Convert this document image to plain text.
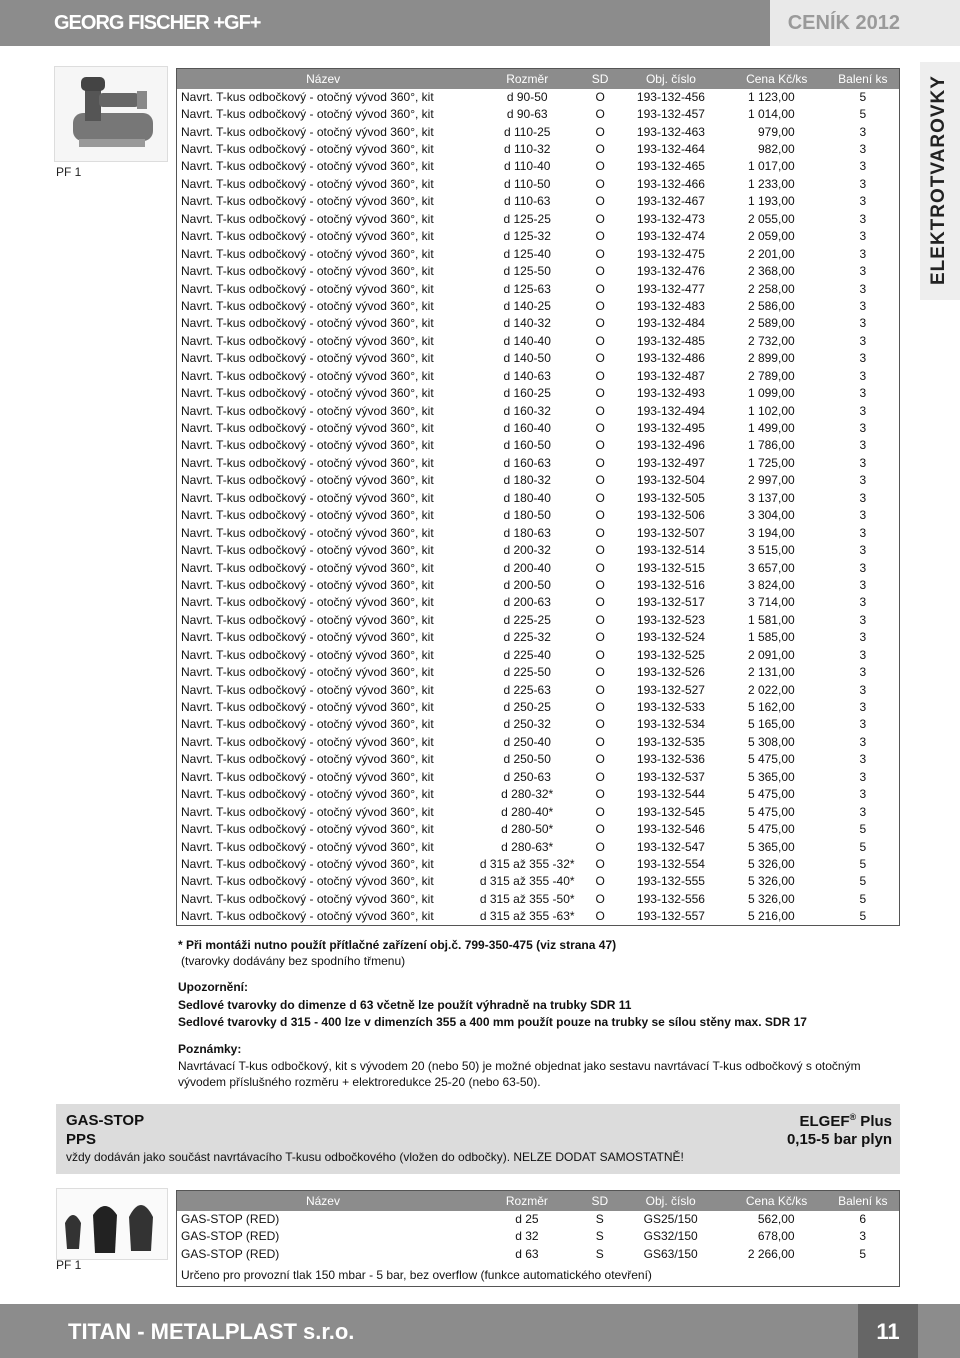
GEORG FISCHER +GF+	CENÍK 2012
ELEKTROTVAROVKY
PF 1
Název	Rozměr	SD	Obj. číslo	Cena Kč/ks	Balení ks
Navrt. T-kus odbočkový - otočný vývod 360°, kit	d 90-50	O	193-132-456	1 123,00	5
Navrt. T-kus odbočkový - otočný vývod 360°, kit	d 90-63	O	193-132-457	1 014,00	5
Navrt. T-kus odbočkový - otočný vývod 360°, kit	d 110-25	O	193-132-463	979,00	3
Navrt. T-kus odbočkový - otočný vývod 360°, kit	d 110-32	O	193-132-464	982,00	3
Navrt. T-kus odbočkový - otočný vývod 360°, kit	d 110-40	O	193-132-465	1 017,00	3
Navrt. T-kus odbočkový - otočný vývod 360°, kit	d 110-50	O	193-132-466	1 233,00	3
Navrt. T-kus odbočkový - otočný vývod 360°, kit	d 110-63	O	193-132-467	1 193,00	3
Navrt. T-kus odbočkový - otočný vývod 360°, kit	d 125-25	O	193-132-473	2 055,00	3
Navrt. T-kus odbočkový - otočný vývod 360°, kit	d 125-32	O	193-132-474	2 059,00	3
Navrt. T-kus odbočkový - otočný vývod 360°, kit	d 125-40	O	193-132-475	2 201,00	3
Navrt. T-kus odbočkový - otočný vývod 360°, kit	d 125-50	O	193-132-476	2 368,00	3
Navrt. T-kus odbočkový - otočný vývod 360°, kit	d 125-63	O	193-132-477	2 258,00	3
Navrt. T-kus odbočkový - otočný vývod 360°, kit	d 140-25	O	193-132-483	2 586,00	3
Navrt. T-kus odbočkový - otočný vývod 360°, kit	d 140-32	O	193-132-484	2 589,00	3
Navrt. T-kus odbočkový - otočný vývod 360°, kit	d 140-40	O	193-132-485	2 732,00	3
Navrt. T-kus odbočkový - otočný vývod 360°, kit	d 140-50	O	193-132-486	2 899,00	3
Navrt. T-kus odbočkový - otočný vývod 360°, kit	d 140-63	O	193-132-487	2 789,00	3
Navrt. T-kus odbočkový - otočný vývod 360°, kit	d 160-25	O	193-132-493	1 099,00	3
Navrt. T-kus odbočkový - otočný vývod 360°, kit	d 160-32	O	193-132-494	1 102,00	3
Navrt. T-kus odbočkový - otočný vývod 360°, kit	d 160-40	O	193-132-495	1 499,00	3
Navrt. T-kus odbočkový - otočný vývod 360°, kit	d 160-50	O	193-132-496	1 786,00	3
Navrt. T-kus odbočkový - otočný vývod 360°, kit	d 160-63	O	193-132-497	1 725,00	3
Navrt. T-kus odbočkový - otočný vývod 360°, kit	d 180-32	O	193-132-504	2 997,00	3
Navrt. T-kus odbočkový - otočný vývod 360°, kit	d 180-40	O	193-132-505	3 137,00	3
Navrt. T-kus odbočkový - otočný vývod 360°, kit	d 180-50	O	193-132-506	3 304,00	3
Navrt. T-kus odbočkový - otočný vývod 360°, kit	d 180-63	O	193-132-507	3 194,00	3
Navrt. T-kus odbočkový - otočný vývod 360°, kit	d 200-32	O	193-132-514	3 515,00	3
Navrt. T-kus odbočkový - otočný vývod 360°, kit	d 200-40	O	193-132-515	3 657,00	3
Navrt. T-kus odbočkový - otočný vývod 360°, kit	d 200-50	O	193-132-516	3 824,00	3
Navrt. T-kus odbočkový - otočný vývod 360°, kit	d 200-63	O	193-132-517	3 714,00	3
Navrt. T-kus odbočkový - otočný vývod 360°, kit	d 225-25	O	193-132-523	1 581,00	3
Navrt. T-kus odbočkový - otočný vývod 360°, kit	d 225-32	O	193-132-524	1 585,00	3
Navrt. T-kus odbočkový - otočný vývod 360°, kit	d 225-40	O	193-132-525	2 091,00	3
Navrt. T-kus odbočkový - otočný vývod 360°, kit	d 225-50	O	193-132-526	2 131,00	3
Navrt. T-kus odbočkový - otočný vývod 360°, kit	d 225-63	O	193-132-527	2 022,00	3
Navrt. T-kus odbočkový - otočný vývod 360°, kit	d 250-25	O	193-132-533	5 162,00	3
Navrt. T-kus odbočkový - otočný vývod 360°, kit	d 250-32	O	193-132-534	5 165,00	3
Navrt. T-kus odbočkový - otočný vývod 360°, kit	d 250-40	O	193-132-535	5 308,00	3
Navrt. T-kus odbočkový - otočný vývod 360°, kit	d 250-50	O	193-132-536	5 475,00	3
Navrt. T-kus odbočkový - otočný vývod 360°, kit	d 250-63	O	193-132-537	5 365,00	3
Navrt. T-kus odbočkový - otočný vývod 360°, kit	d 280-32*	O	193-132-544	5 475,00	3
Navrt. T-kus odbočkový - otočný vývod 360°, kit	d 280-40*	O	193-132-545	5 475,00	3
Navrt. T-kus odbočkový - otočný vývod 360°, kit	d 280-50*	O	193-132-546	5 475,00	5
Navrt. T-kus odbočkový - otočný vývod 360°, kit	d 280-63*	O	193-132-547	5 365,00	5
Navrt. T-kus odbočkový - otočný vývod 360°, kit	d 315 až 355 -32*	O	193-132-554	5 326,00	5
Navrt. T-kus odbočkový - otočný vývod 360°, kit	d 315 až 355 -40*	O	193-132-555	5 326,00	5
Navrt. T-kus odbočkový - otočný vývod 360°, kit	d 315 až 355 -50*	O	193-132-556	5 326,00	5
Navrt. T-kus odbočkový - otočný vývod 360°, kit	d 315 až 355 -63*	O	193-132-557	5 216,00	5
* Při montáži nutno použít přítlačné zařízení obj.č. 799-350-475 (viz strana 47)
(tvarovky dodávány bez spodního třmenu)
Upozornění:
Sedlové tvarovky do dimenze d 63 včetně lze použít výhradně na trubky SDR 11
Sedlové tvarovky d 315 - 400 lze v dimenzích 355 a 400 mm použít pouze na trubky se sílou stěny max. SDR 17
Poznámky:
Navrtávací T-kus odbočkový, kit s vývodem 20 (nebo 50) je možné objednat jako sestavu navrtávací T-kus odbočkový s otočným
vývodem příslušného rozměru + elektroredukce 25-20 (nebo 63-50).
GAS-STOP
PPS
vždy dodáván jako součást navrtávacího T-kusu odbočkového (vložen do odbočky). NELZE DODAT SAMOSTATNĚ!
ELGEF® Plus
0,15-5 bar plyn
PF 1
Název	Rozměr	SD	Obj. číslo	Cena Kč/ks	Balení ks
GAS-STOP (RED)	d 25	S	GS25/150	562,00	6
GAS-STOP (RED)	d 32	S	GS32/150	678,00	3
GAS-STOP (RED)	d 63	S	GS63/150	2 266,00	5
Určeno pro provozní tlak 150 mbar - 5 bar, bez overflow (funkce automatického otevření)					
TITAN - METALPLAST s.r.o.	11
